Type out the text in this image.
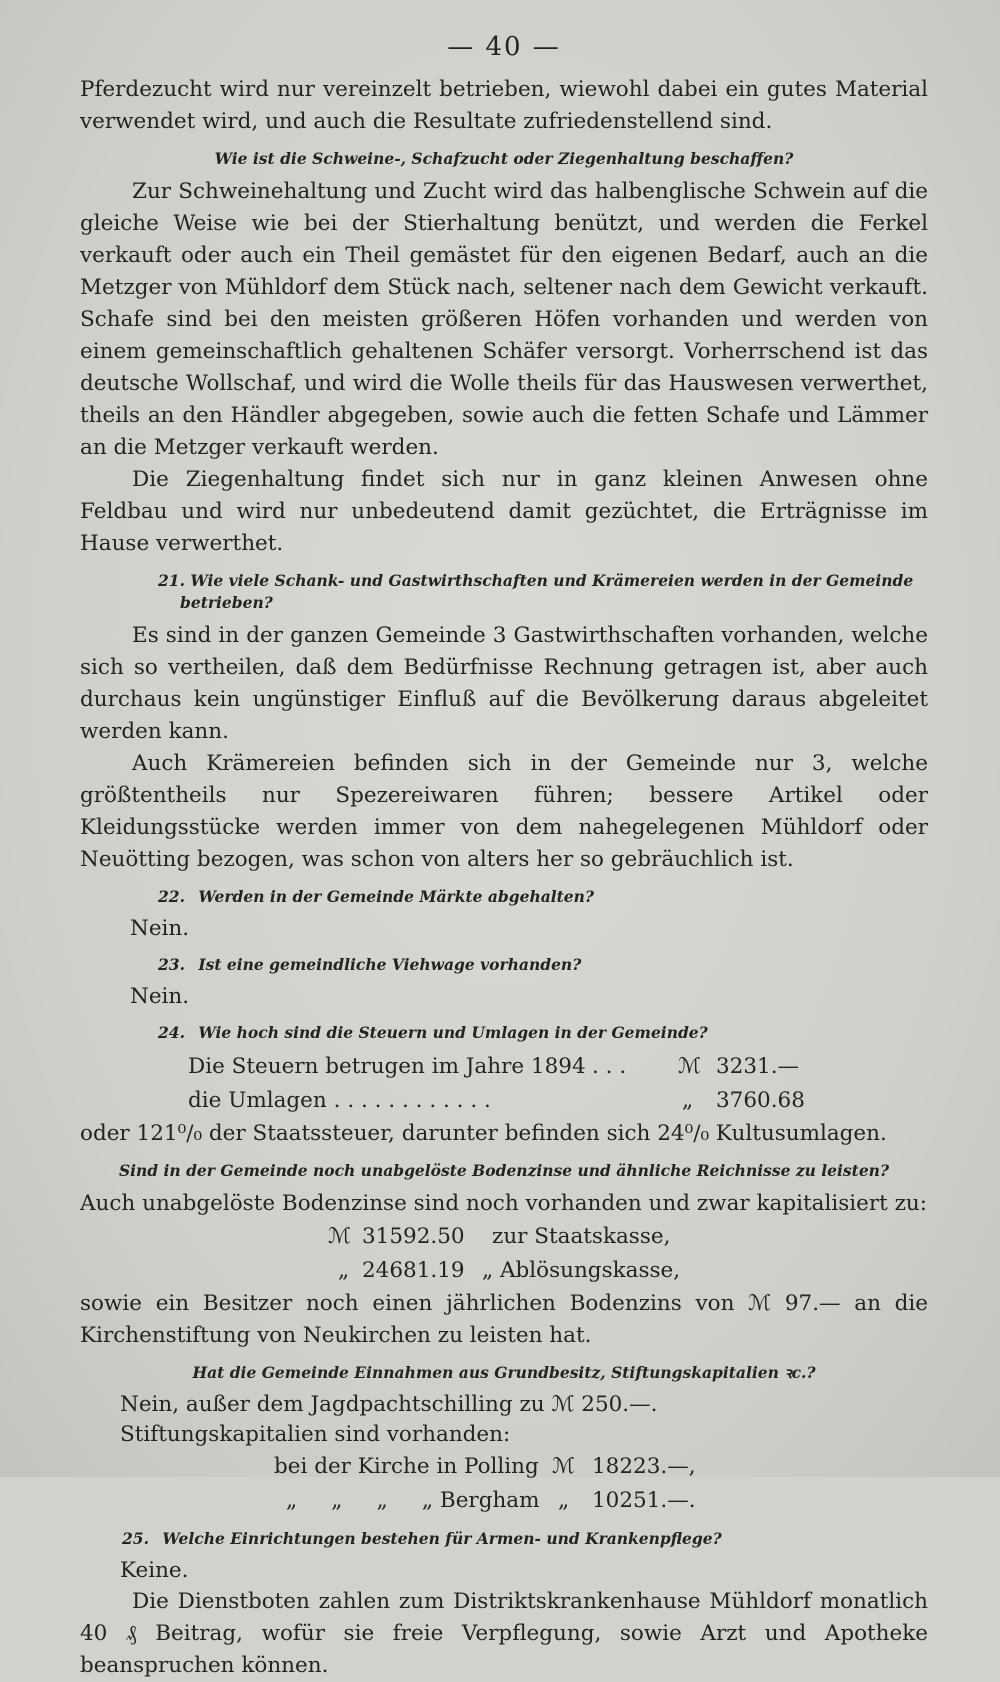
— 40 —

Pferdezucht wird nur vereinzelt betrieben, wiewohl dabei ein gutes Material verwendet wird, und auch die Resultate zufriedenstellend sind.

Wie ist die Schweine-, Schafzucht oder Ziegenhaltung beschaffen?

Zur Schweinehaltung und Zucht wird das halbenglische Schwein auf die gleiche Weise wie bei der Stierhaltung benützt, und werden die Ferkel verkauft oder auch ein Theil gemästet für den eigenen Bedarf, auch an die Metzger von Mühldorf dem Stück nach, seltener nach dem Gewicht verkauft. Schafe sind bei den meisten größeren Höfen vorhanden und werden von einem gemeinschaftlich gehaltenen Schäfer versorgt. Vorherrschend ist das deutsche Wollschaf, und wird die Wolle theils für das Hauswesen verwerthet, theils an den Händler abgegeben, sowie auch die fetten Schafe und Lämmer an die Metzger verkauft werden.

Die Ziegenhaltung findet sich nur in ganz kleinen Anwesen ohne Feldbau und wird nur unbedeutend damit gezüchtet, die Erträgnisse im Hause verwerthet.

21. Wie viele Schank- und Gastwirthschaften und Krämereien werden in der Gemeinde betrieben?

Es sind in der ganzen Gemeinde 3 Gastwirthschaften vorhanden, welche sich so vertheilen, daß dem Bedürfnisse Rechnung getragen ist, aber auch durchaus kein ungünstiger Einfluß auf die Bevölkerung daraus abgeleitet werden kann.

Auch Krämereien befinden sich in der Gemeinde nur 3, welche größtentheils nur Spezereiwaren führen; bessere Artikel oder Kleidungsstücke werden immer von dem nahegelegenen Mühldorf oder Neuötting bezogen, was schon von alters her so gebräuchlich ist.

22. Werden in der Gemeinde Märkte abgehalten?

Nein.

23. Ist eine gemeindliche Viehwage vorhanden?

Nein.

24. Wie hoch sind die Steuern und Umlagen in der Gemeinde?

Die Steuern betrugen im Jahre 1894 . . . ℳ 3231.—
die Umlagen
. . . . . . . . . . . . .	„ 3760.68

oder 121⁰/₀ der Staatssteuer, darunter befinden sich 24⁰/₀ Kultusumlagen.

Sind in der Gemeinde noch unabgelöste Bodenzinse und ähnliche Reichnisse zu leisten?

Auch unabgelöste Bodenzinse sind noch vorhanden und zwar kapitalisiert zu:

ℳ 31592.50 zur Staatskasse,
„ 24681.19 „ Ablösungskasse,

sowie ein Besitzer noch einen jährlichen Bodenzins von ℳ 97.— an die Kirchenstiftung von Neukirchen zu leisten hat.

Hat die Gemeinde Einnahmen aus Grundbesitz, Stiftungskapitalien ꝛc.?

Nein, außer dem Jagdpachtschilling zu ℳ 250.—.

Stiftungskapitalien sind vorhanden:

bei der Kirche in Polling ℳ 18223.—,
„     „     „     „ Bergham „ 10251.—.

25. Welche Einrichtungen bestehen für Armen- und Krankenpflege?

Keine.

Die Dienstboten zahlen zum Distriktskrankenhause Mühldorf monatlich 40 ₰ Beitrag, wofür sie freie Verpflegung, sowie Arzt und Apotheke beanspruchen können.
